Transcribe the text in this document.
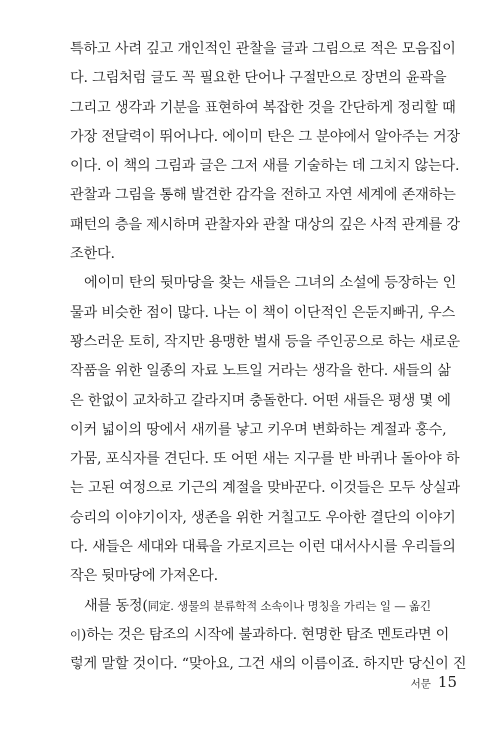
특하고 사려 깊고 개인적인 관찰을 글과 그림으로 적은 모음집이
다. 그림처럼 글도 꼭 필요한 단어나 구절만으로 장면의 윤곽을
그리고 생각과 기분을 표현하여 복잡한 것을 간단하게 정리할 때
가장 전달력이 뛰어나다. 에이미 탄은 그 분야에서 알아주는 거장
이다. 이 책의 그림과 글은 그저 새를 기술하는 데 그치지 않는다.
관찰과 그림을 통해 발견한 감각을 전하고 자연 세계에 존재하는
패턴의 층을 제시하며 관찰자와 관찰 대상의 깊은 사적 관계를 강
조한다.
에이미 탄의 뒷마당을 찾는 새들은 그녀의 소설에 등장하는 인
물과 비슷한 점이 많다. 나는 이 책이 이단적인 은둔지빠귀, 우스
꽝스러운 토히, 작지만 용맹한 벌새 등을 주인공으로 하는 새로운
작품을 위한 일종의 자료 노트일 거라는 생각을 한다. 새들의 삶
은 한없이 교차하고 갈라지며 충돌한다. 어떤 새들은 평생 몇 에
이커 넓이의 땅에서 새끼를 낳고 키우며 변화하는 계절과 홍수,
가뭄, 포식자를 견딘다. 또 어떤 새는 지구를 반 바퀴나 돌아야 하
는 고된 여정으로 기근의 계절을 맞바꾼다. 이것들은 모두 상실과
승리의 이야기이자, 생존을 위한 거칠고도 우아한 결단의 이야기
다. 새들은 세대와 대륙을 가로지르는 이런 대서사시를 우리들의
작은 뒷마당에 가져온다.
새를 동정(同定. 생물의 분류학적 소속이나 명칭을 가리는 일 — 옮긴
이)하는 것은 탐조의 시작에 불과하다. 현명한 탐조 멘토라면 이
렇게 말할 것이다. “맞아요, 그건 새의 이름이죠. 하지만 당신이 진
서문 15
